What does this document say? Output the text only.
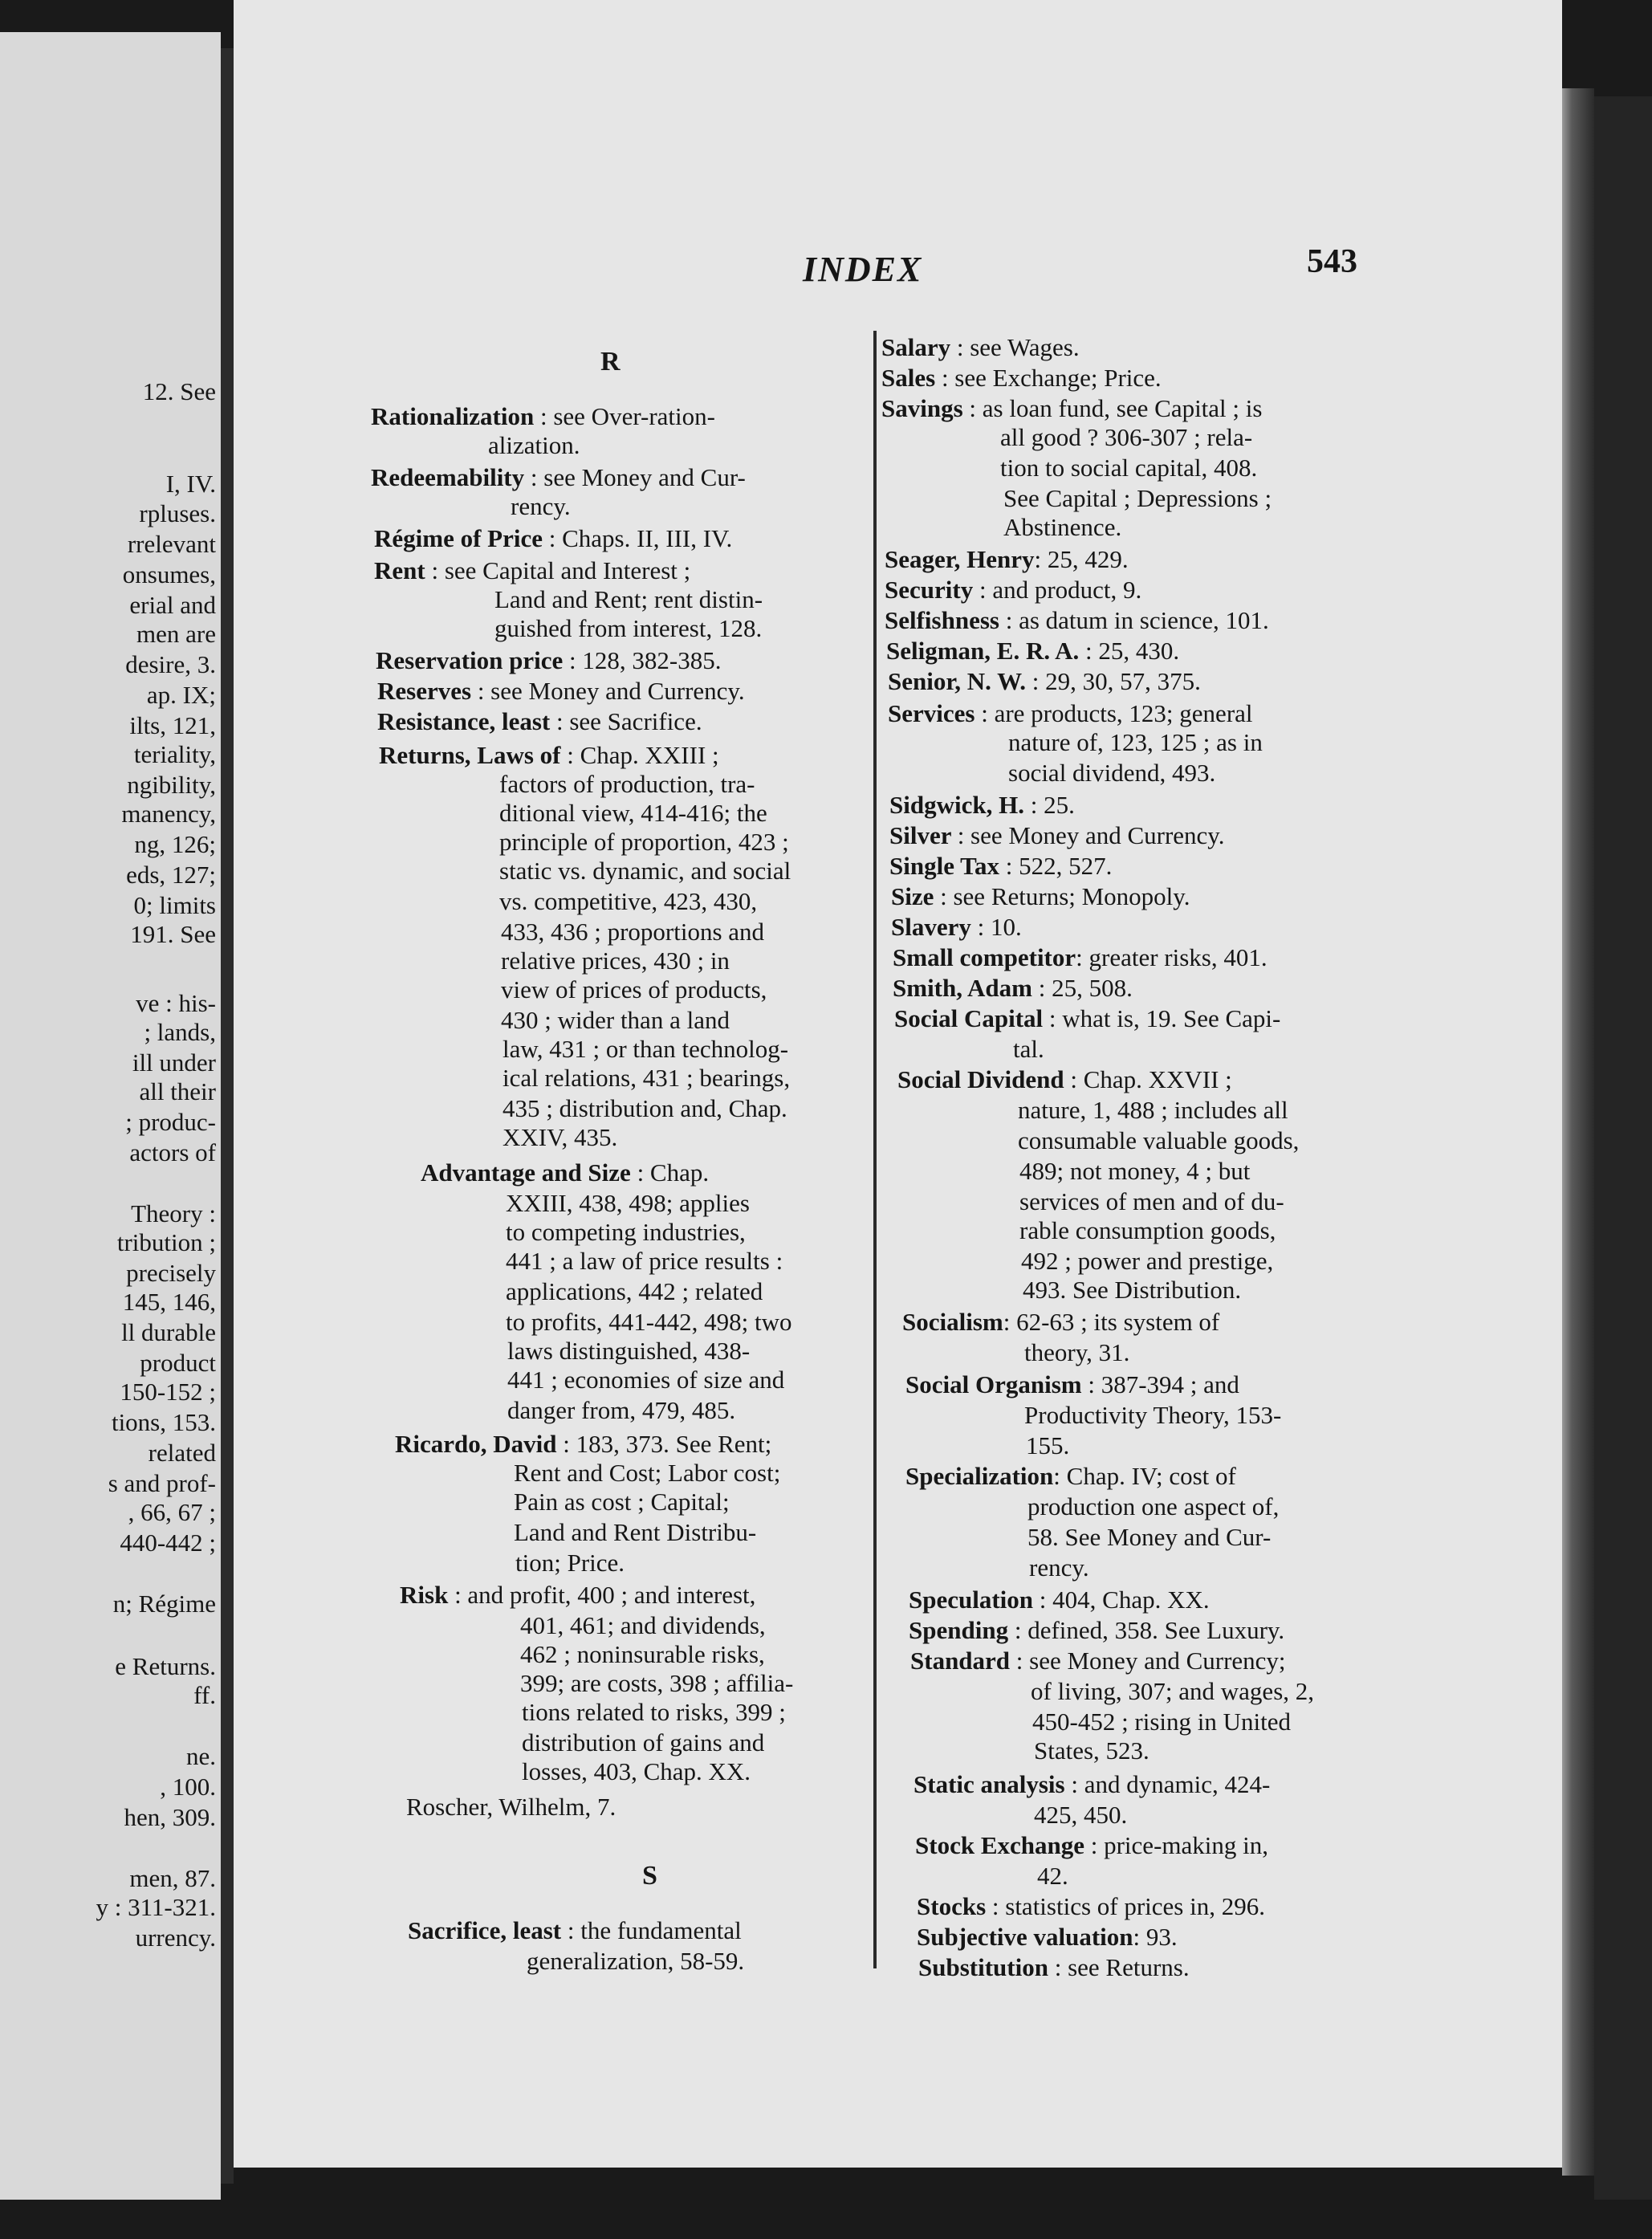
12. See
I, IV.
rpluses.
rrelevant
onsumes,
erial and
men are
desire, 3.
ap. IX;
ilts, 121,
teriality,
ngibility,
manency,
ng, 126;
eds, 127;
0; limits
191. See
ve : his-
; lands,
ill under
all their
; produc-
actors of
Theory :
tribution ;
precisely
145, 146,
ll durable
product
150-152 ;
tions, 153.
related
s and prof-
, 66, 67 ;
440-442 ;
n; Régime
e Returns.
ff.
ne.
, 100.
hen, 309.
men, 87.
y : 311-321.
urrency.
INDEX	543
R
S
Rationalization : see Over-ration-
alization.
Redeemability : see Money and Cur-
rency.
Régime of Price : Chaps. II, III, IV.
Rent : see Capital and Interest ;
Land and Rent; rent distin-
guished from interest, 128.
Reservation price : 128, 382-385.
Reserves : see Money and Currency.
Resistance, least : see Sacrifice.
Returns, Laws of : Chap. XXIII ;
factors of production, tra-
ditional view, 414-416; the
principle of proportion, 423 ;
static vs. dynamic, and social
vs. competitive, 423, 430,
433, 436 ; proportions and
relative prices, 430 ; in
view of prices of products,
430 ; wider than a land
law, 431 ; or than technolog-
ical relations, 431 ; bearings,
435 ; distribution and, Chap.
XXIV, 435.
Advantage and Size : Chap.
XXIII, 438, 498; applies
to competing industries,
441 ; a law of price results :
applications, 442 ; related
to profits, 441-442, 498; two
laws distinguished, 438-
441 ; economies of size and
danger from, 479, 485.
Ricardo, David : 183, 373. See Rent;
Rent and Cost; Labor cost;
Pain as cost ; Capital;
Land and Rent Distribu-
tion; Price.
Risk : and profit, 400 ; and interest,
401, 461; and dividends,
462 ; noninsurable risks,
399; are costs, 398 ; affilia-
tions related to risks, 399 ;
distribution of gains and
losses, 403, Chap. XX.
Roscher, Wilhelm, 7.
Sacrifice, least : the fundamental
generalization, 58-59.
Salary : see Wages.
Sales : see Exchange; Price.
Savings : as loan fund, see Capital ; is
all good ? 306-307 ; rela-
tion to social capital, 408.
See Capital ; Depressions ;
Abstinence.
Seager, Henry: 25, 429.
Security : and product, 9.
Selfishness : as datum in science, 101.
Seligman, E. R. A. : 25, 430.
Senior, N. W. : 29, 30, 57, 375.
Services : are products, 123; general
nature of, 123, 125 ; as in
social dividend, 493.
Sidgwick, H. : 25.
Silver : see Money and Currency.
Single Tax : 522, 527.
Size : see Returns; Monopoly.
Slavery : 10.
Small competitor: greater risks, 401.
Smith, Adam : 25, 508.
Social Capital : what is, 19. See Capi-
tal.
Social Dividend : Chap. XXVII ;
nature, 1, 488 ; includes all
consumable valuable goods,
489; not money, 4 ; but
services of men and of du-
rable consumption goods,
492 ; power and prestige,
493. See Distribution.
Socialism: 62-63 ; its system of
theory, 31.
Social Organism : 387-394 ; and
Productivity Theory, 153-
155.
Specialization: Chap. IV; cost of
production one aspect of,
58. See Money and Cur-
rency.
Speculation : 404, Chap. XX.
Spending : defined, 358. See Luxury.
Standard : see Money and Currency;
of living, 307; and wages, 2,
450-452 ; rising in United
States, 523.
Static analysis : and dynamic, 424-
425, 450.
Stock Exchange : price-making in,
42.
Stocks : statistics of prices in, 296.
Subjective valuation: 93.
Substitution : see Returns.
